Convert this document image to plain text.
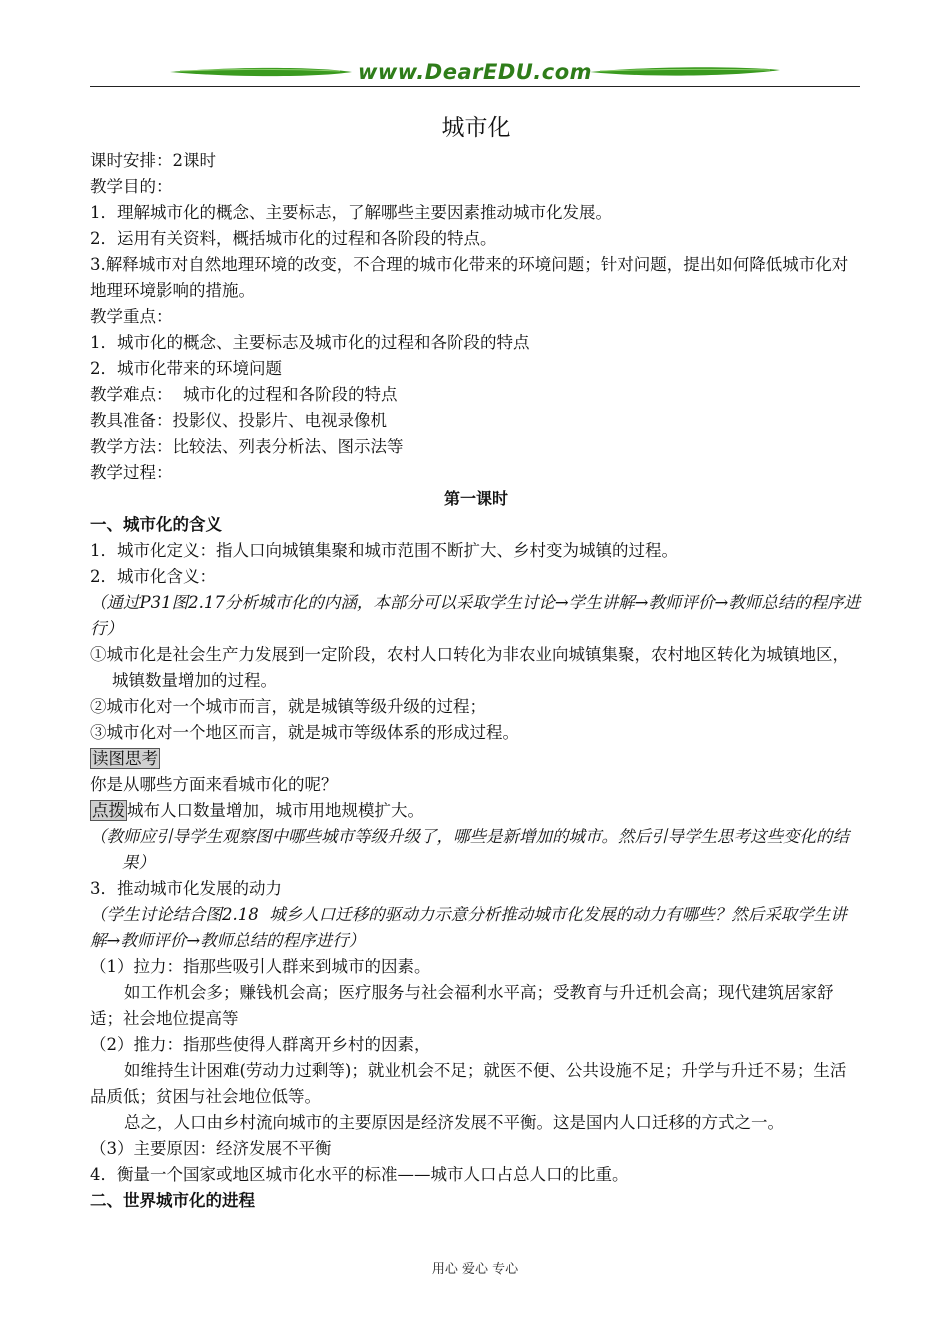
www.DearEDU.com
城市化
课时安排：2课时
教学目的：
1．理解城市化的概念、主要标志，了解哪些主要因素推动城市化发展。
2．运用有关资料，概括城市化的过程和各阶段的特点。
3.解释城市对自然地理环境的改变，不合理的城市化带来的环境问题；针对问题，提出如何降低城市化对地理环境影响的措施。
教学重点：
1．城市化的概念、主要标志及城市化的过程和各阶段的特点
2．城市化带来的环境问题
教学难点：  城市化的过程和各阶段的特点
教具准备：投影仪、投影片、电视录像机
教学方法：比较法、列表分析法、图示法等
教学过程：
第一课时
一、城市化的含义
1．城市化定义：指人口向城镇集聚和城市范围不断扩大、乡村变为城镇的过程。
2．城市化含义：
（通过P31图2.17分析城市化的内涵，本部分可以采取学生讨论→学生讲解→教师评价→教师总结的程序进行）
①城市化是社会生产力发展到一定阶段，农村人口转化为非农业向城镇集聚，农村地区转化为城镇地区，城镇数量增加的过程。
②城市化对一个城市而言，就是城镇等级升级的过程；
③城市化对一个地区而言，就是城市等级体系的形成过程。
读图思考
你是从哪些方面来看城市化的呢？
点拨 城布人口数量增加，城市用地规模扩大。
（教师应引导学生观察图中哪些城市等级升级了，哪些是新增加的城市。然后引导学生思考这些变化的结果）
3．推动城市化发展的动力
（学生讨论结合图2.18  城乡人口迁移的驱动力示意分析推动城市化发展的动力有哪些？然后采取学生讲解→教师评价→教师总结的程序进行）
（1）拉力：指那些吸引人群来到城市的因素。
如工作机会多；赚钱机会高；医疗服务与社会福利水平高；受教育与升迁机会高；现代建筑居家舒适；社会地位提高等
（2）推力：指那些使得人群离开乡村的因素，
如维持生计困难(劳动力过剩等)；就业机会不足；就医不便、公共设施不足；升学与升迁不易；生活品质低；贫困与社会地位低等。
总之，人口由乡村流向城市的主要原因是经济发展不平衡。这是国内人口迁移的方式之一。
（3）主要原因：经济发展不平衡
4．衡量一个国家或地区城市化水平的标准——城市人口占总人口的比重。
二、世界城市化的进程
用心 爱心 专心
